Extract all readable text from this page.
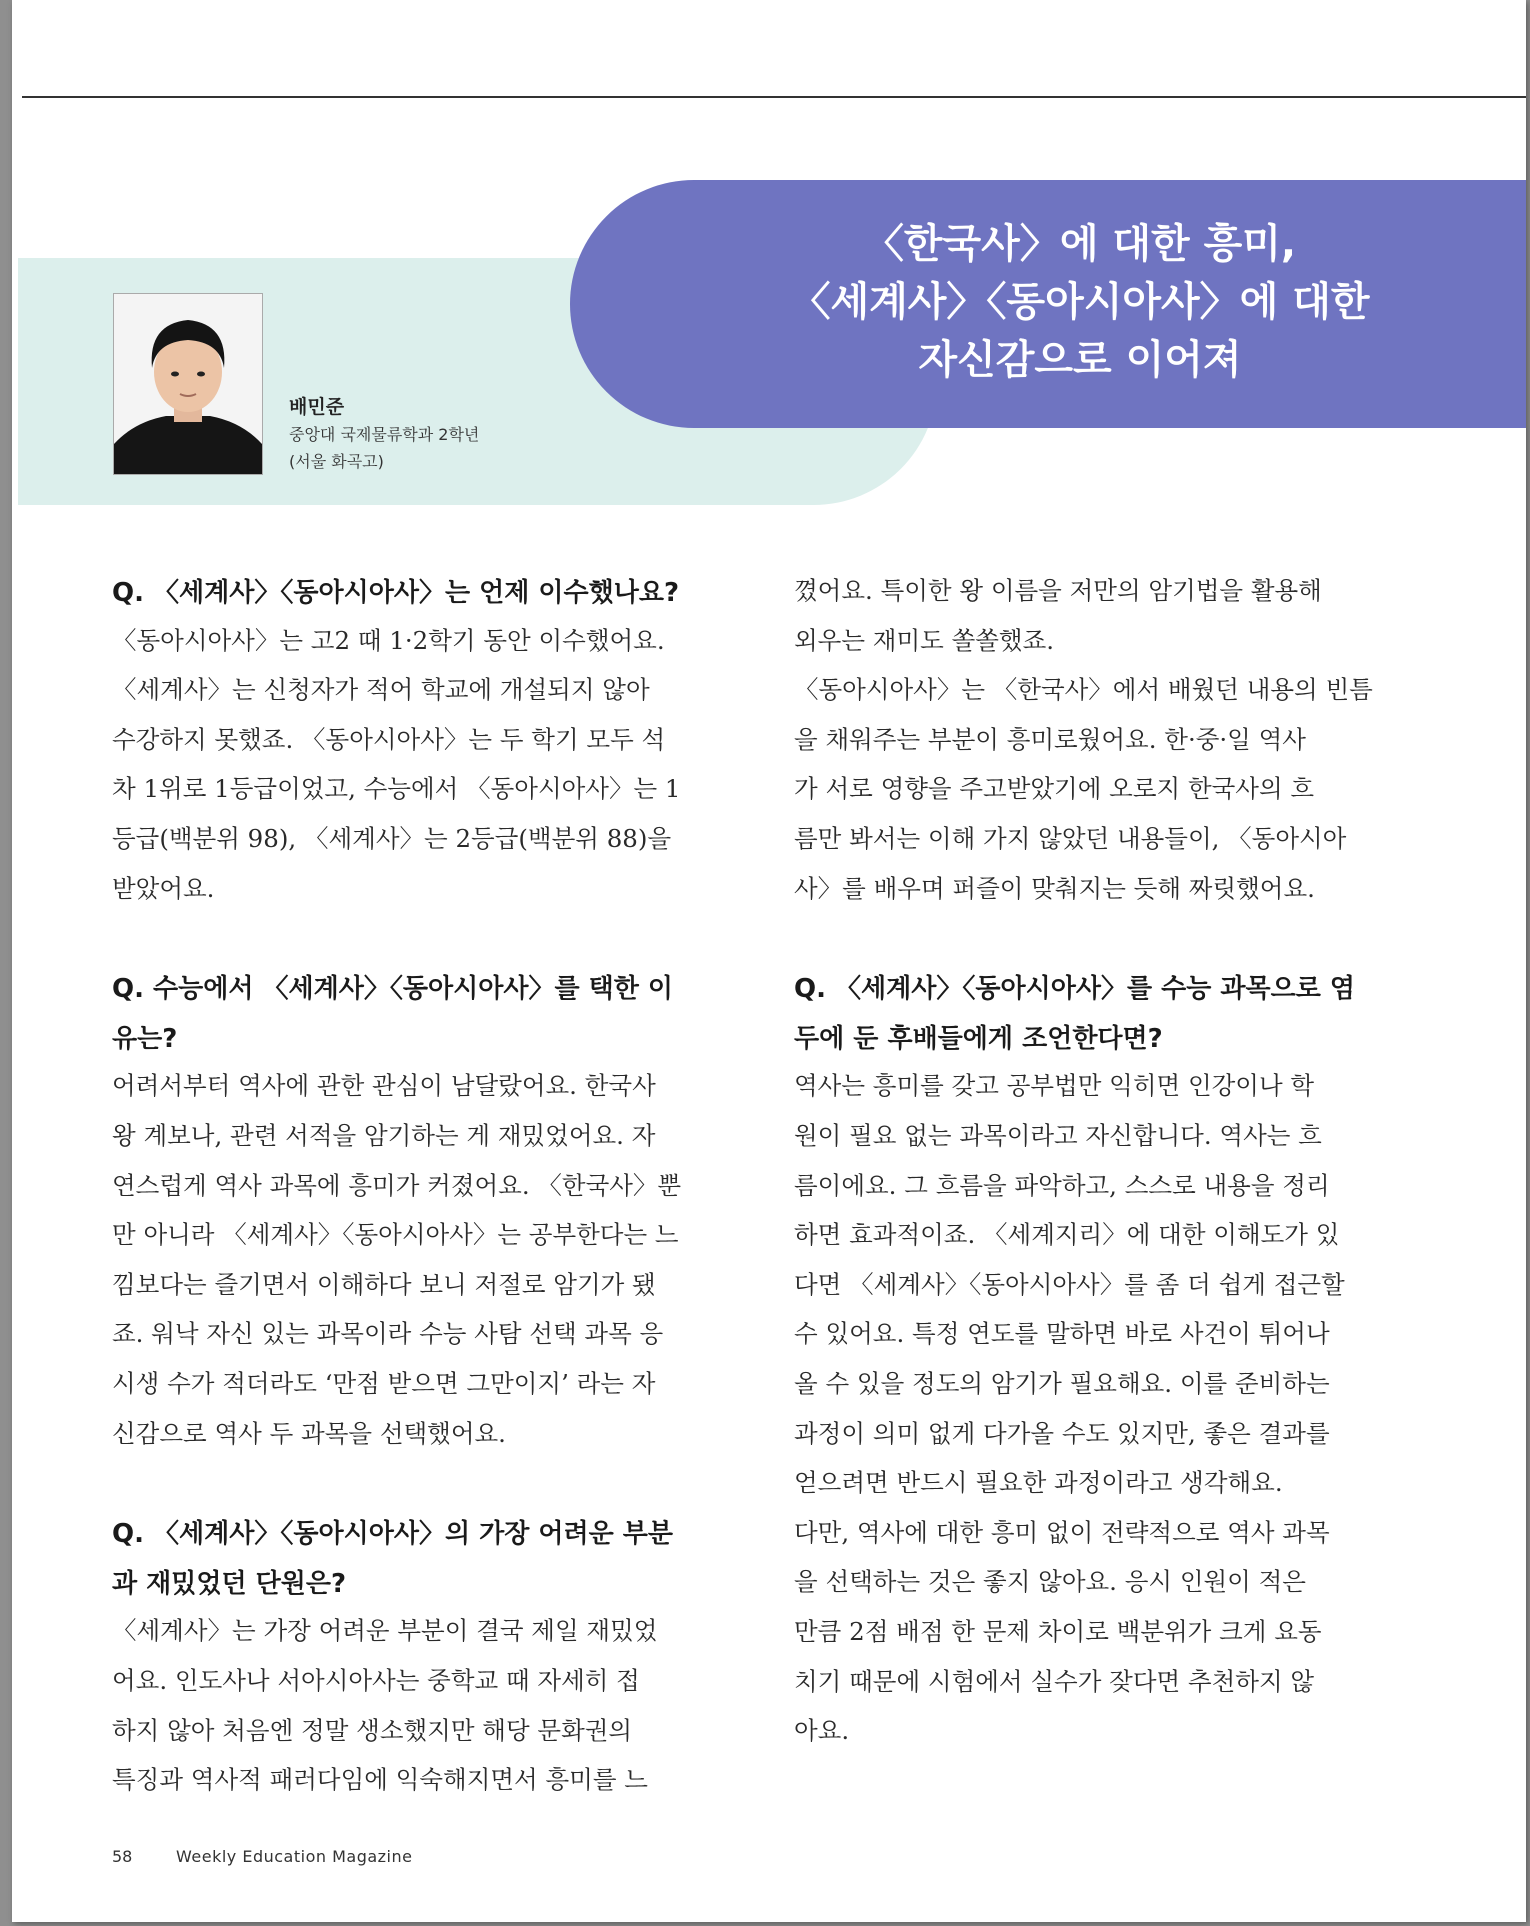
〈한국사〉에 대한 흥미,
〈세계사〉〈동아시아사〉에 대한
자신감으로 이어져
배민준
중앙대 국제물류학과 2학년
(서울 화곡고)
Q. 〈세계사〉〈동아시아사〉는 언제 이수했나요?
〈동아시아사〉는 고2 때 1·2학기 동안 이수했어요.
〈세계사〉는 신청자가 적어 학교에 개설되지 않아
수강하지 못했죠. 〈동아시아사〉는 두 학기 모두 석
차 1위로 1등급이었고, 수능에서 〈동아시아사〉는 1
등급(백분위 98), 〈세계사〉는 2등급(백분위 88)을
받았어요.
Q. 수능에서 〈세계사〉〈동아시아사〉를 택한 이
유는?
어려서부터 역사에 관한 관심이 남달랐어요. 한국사
왕 계보나, 관련 서적을 암기하는 게 재밌었어요. 자
연스럽게 역사 과목에 흥미가 커졌어요. 〈한국사〉뿐
만 아니라 〈세계사〉〈동아시아사〉는 공부한다는 느
낌보다는 즐기면서 이해하다 보니 저절로 암기가 됐
죠. 워낙 자신 있는 과목이라 수능 사탐 선택 과목 응
시생 수가 적더라도 ‘만점 받으면 그만이지’ 라는 자
신감으로 역사 두 과목을 선택했어요.
Q. 〈세계사〉〈동아시아사〉의 가장 어려운 부분
과 재밌었던 단원은?
〈세계사〉는 가장 어려운 부분이 결국 제일 재밌었
어요. 인도사나 서아시아사는 중학교 때 자세히 접
하지 않아 처음엔 정말 생소했지만 해당 문화권의
특징과 역사적 패러다임에 익숙해지면서 흥미를 느
꼈어요. 특이한 왕 이름을 저만의 암기법을 활용해
외우는 재미도 쏠쏠했죠.
〈동아시아사〉는 〈한국사〉에서 배웠던 내용의 빈틈
을 채워주는 부분이 흥미로웠어요. 한·중·일 역사
가 서로 영향을 주고받았기에 오로지 한국사의 흐
름만 봐서는 이해 가지 않았던 내용들이, 〈동아시아
사〉를 배우며 퍼즐이 맞춰지는 듯해 짜릿했어요.
Q. 〈세계사〉〈동아시아사〉를 수능 과목으로 염
두에 둔 후배들에게 조언한다면?
역사는 흥미를 갖고 공부법만 익히면 인강이나 학
원이 필요 없는 과목이라고 자신합니다. 역사는 흐
름이에요. 그 흐름을 파악하고, 스스로 내용을 정리
하면 효과적이죠. 〈세계지리〉에 대한 이해도가 있
다면 〈세계사〉〈동아시아사〉를 좀 더 쉽게 접근할
수 있어요. 특정 연도를 말하면 바로 사건이 튀어나
올 수 있을 정도의 암기가 필요해요. 이를 준비하는
과정이 의미 없게 다가올 수도 있지만, 좋은 결과를
얻으려면 반드시 필요한 과정이라고 생각해요.
다만, 역사에 대한 흥미 없이 전략적으로 역사 과목
을 선택하는 것은 좋지 않아요. 응시 인원이 적은
만큼 2점 배점 한 문제 차이로 백분위가 크게 요동
치기 때문에 시험에서 실수가 잦다면 추천하지 않
아요.
58	Weekly Education Magazine
